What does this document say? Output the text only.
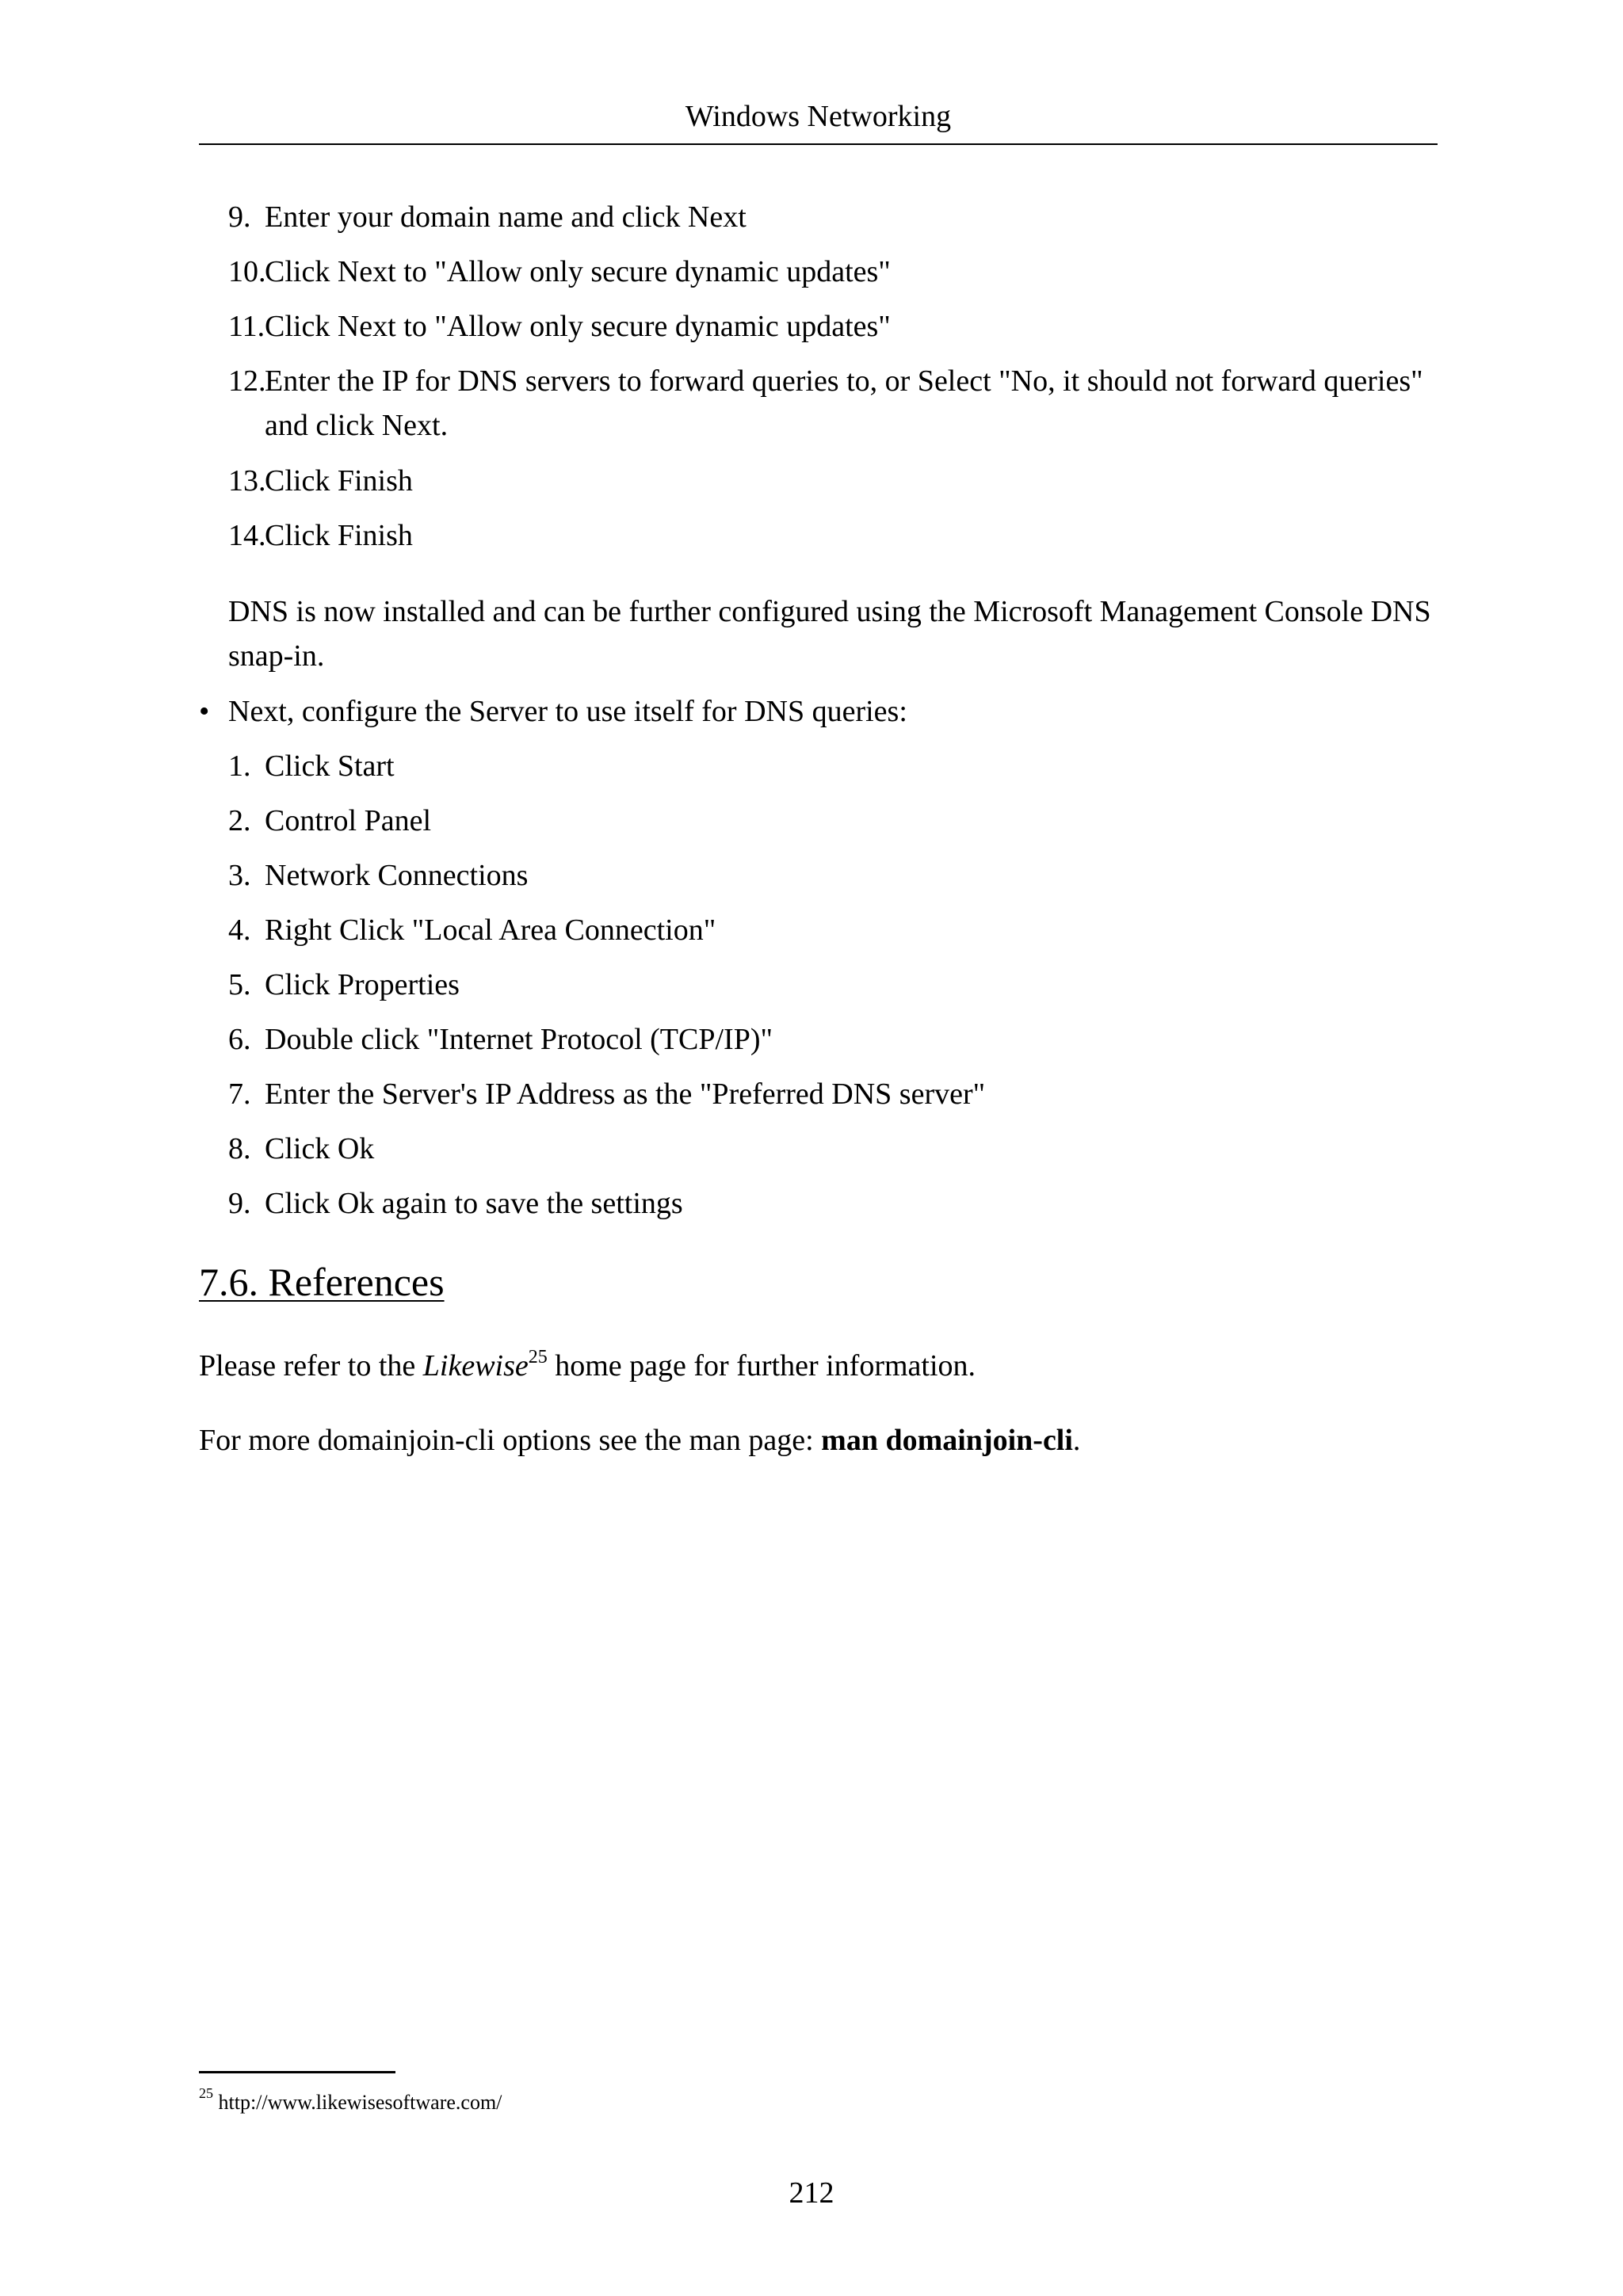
Windows Networking
9. Enter your domain name and click Next
10.
Click Next to "Allow only secure dynamic updates"
11. Click Next to "Allow only secure dynamic updates"
12.
Enter the IP for DNS servers to forward queries to, or Select "No, it should not forward queries" and click Next.
13.
Click Finish
14.
Click Finish
DNS is now installed and can be further configured using the Microsoft Management Console DNS snap-in.
• Next, configure the Server to use itself for DNS queries:
1. Click Start
2. Control Panel
3. Network Connections
4. Right Click "Local Area Connection"
5. Click Properties
6. Double click "Internet Protocol (TCP/IP)"
7. Enter the Server's IP Address as the "Preferred DNS server"
8. Click Ok
9. Click Ok again to save the settings
7.6. References
Please refer to the Likewise$^{25}$ home page for further information.
For more domainjoin-cli options see the man page: man domainjoin-cli.
$^{25}$ http://www.likewisesoftware.com/
212
